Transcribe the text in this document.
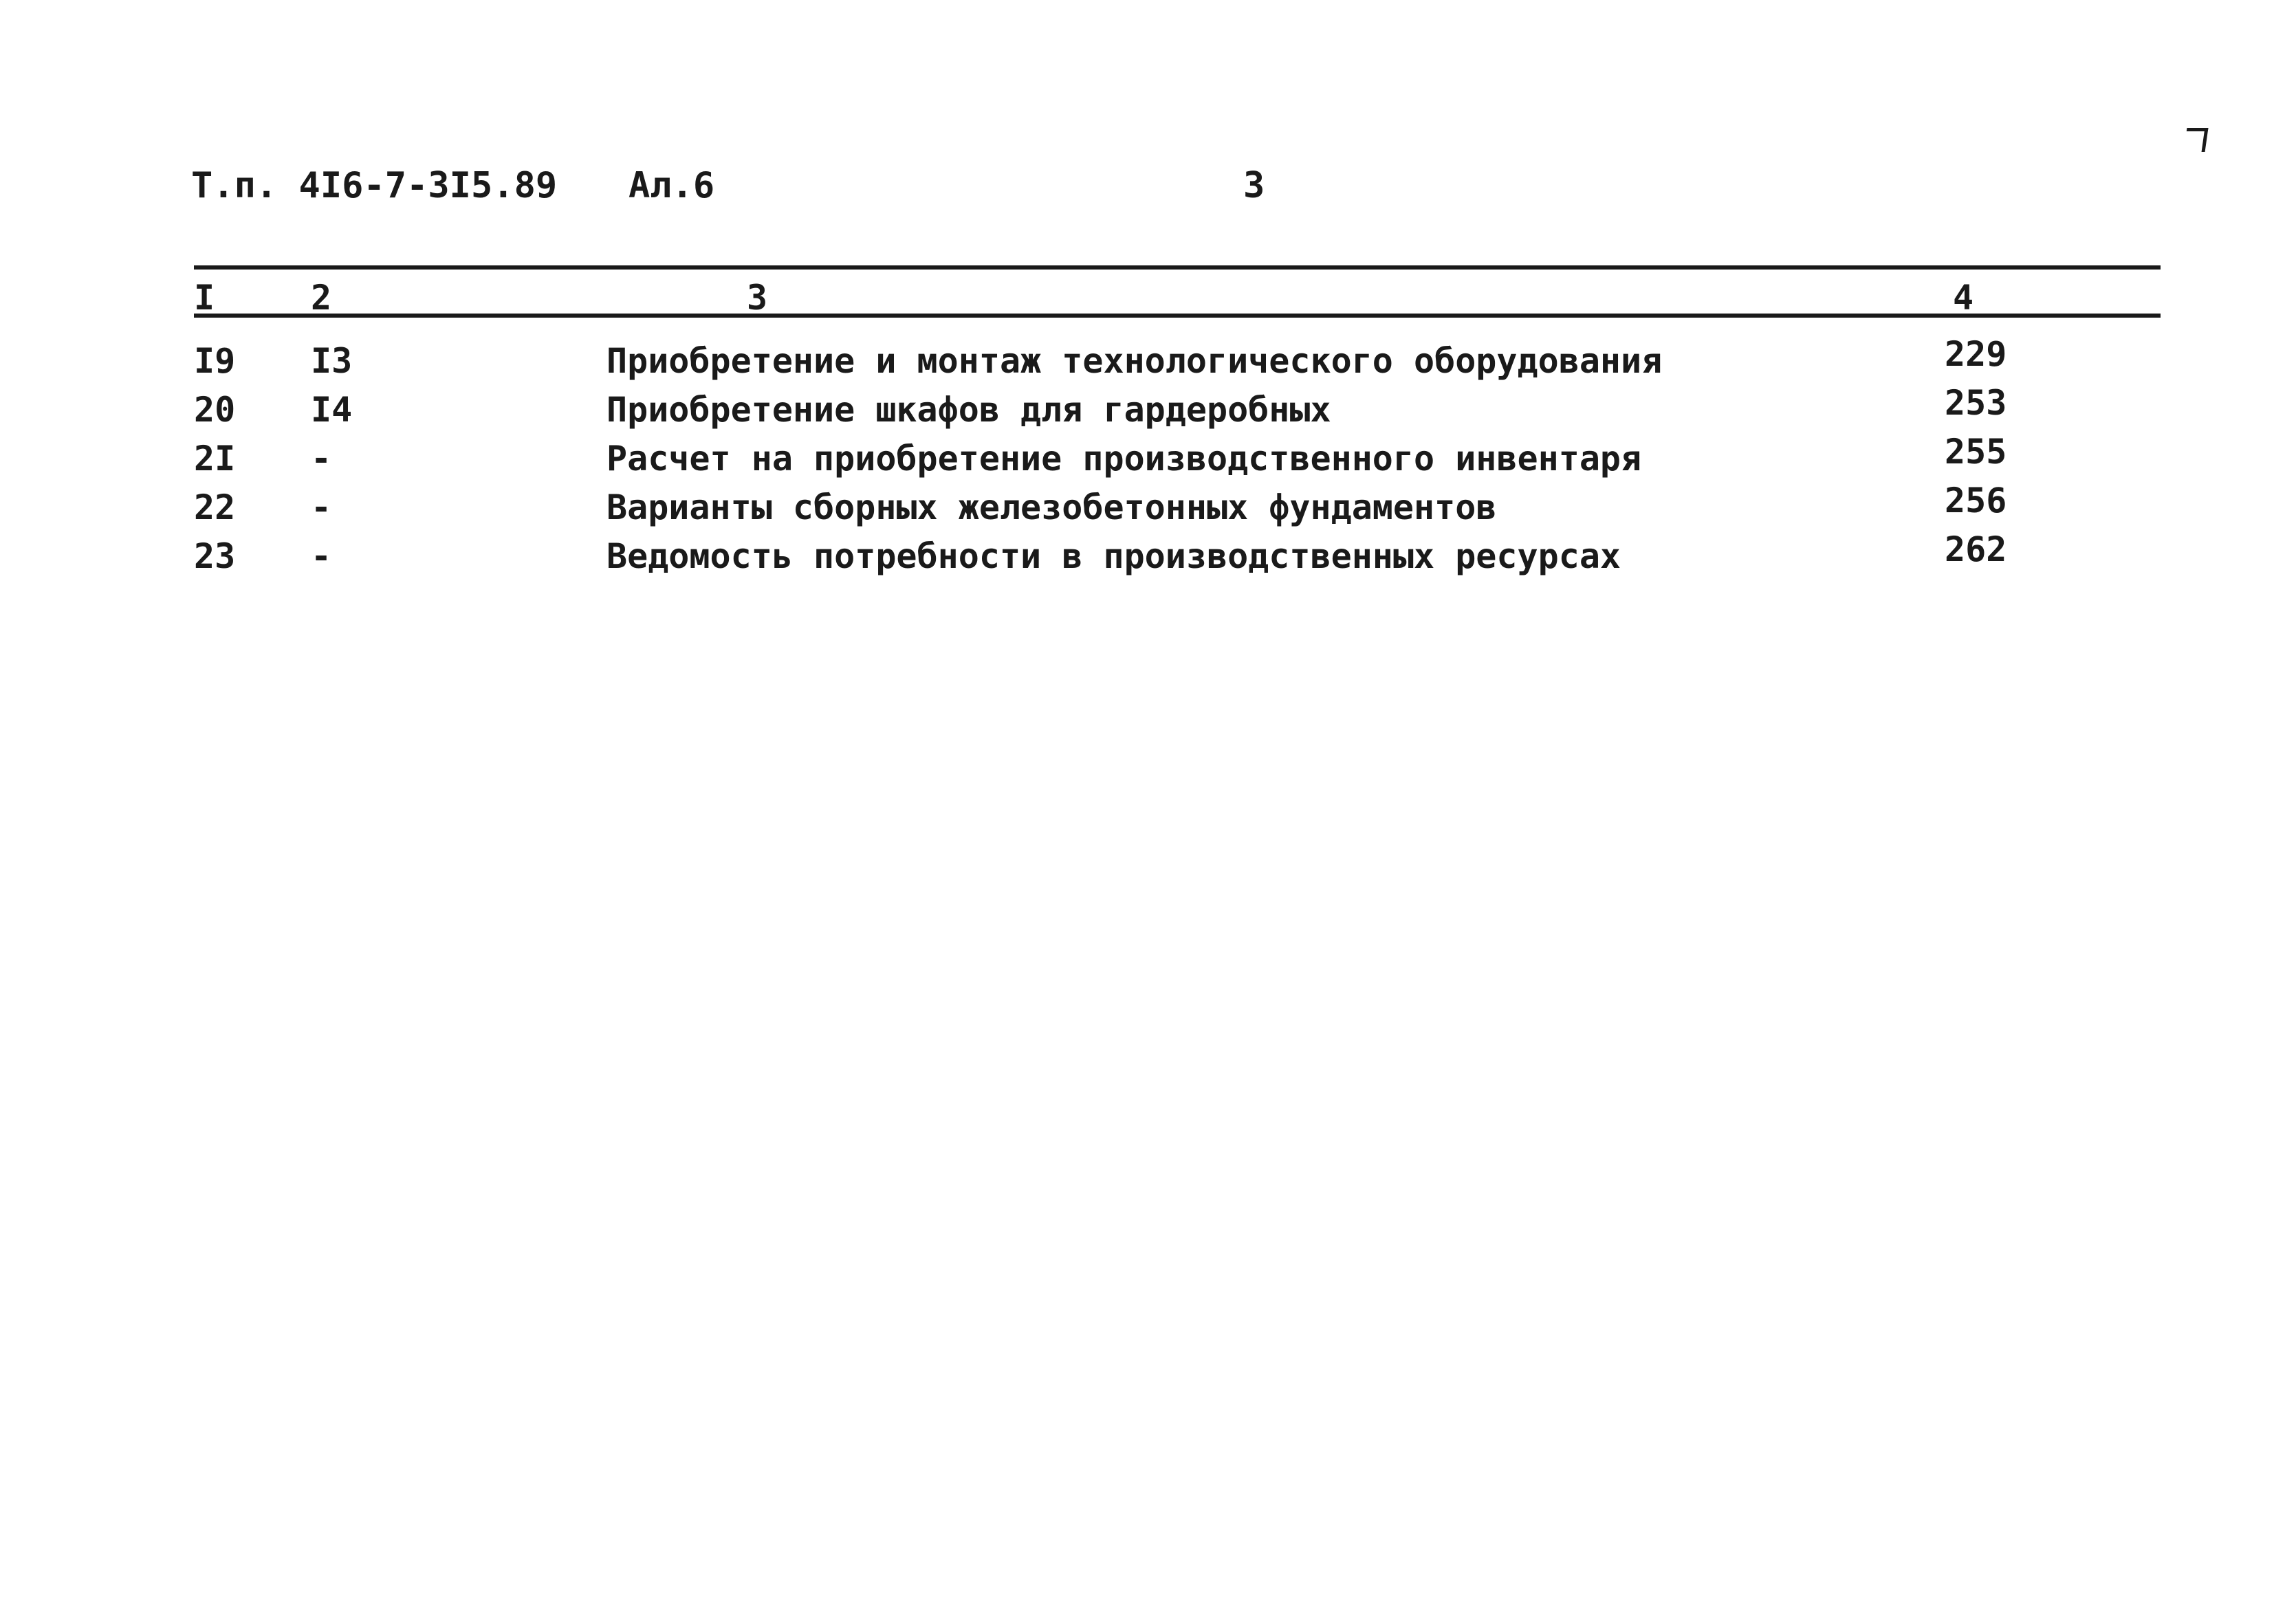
Т.п. 4I6-7-3I5.89 Ал.6	3
I	2	3	4
I9 I3	Приобретение и монтаж технологического оборудования	229
20 I4	Приобретение шкафов для гардеробных	253
2I -	Расчет на приобретение производственного инвентаря	255
22 -	Варианты сборных железобетонных фундаментов	256
23 -	Ведомость потребности в производственных ресурсах	262
